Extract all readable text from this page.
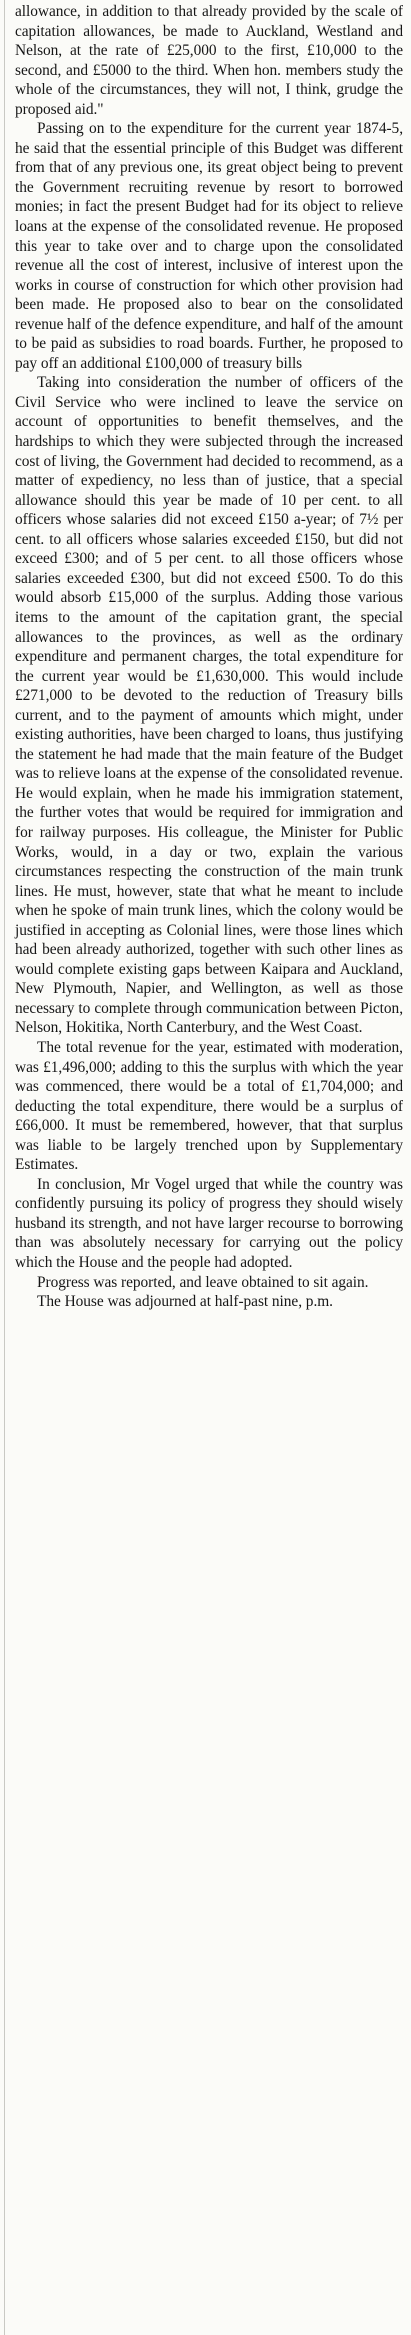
allowance, in addition to that already provided by the scale of capitation allowances, be made to Auckland, Westland and Nelson, at the rate of £25,000 to the first, £10,000 to the second, and £5000 to the third. When hon. members study the whole of the circumstances, they will not, I think, grudge the proposed aid."

Passing on to the expenditure for the current year 1874-5, he said that the essential principle of this Budget was different from that of any previous one, its great object being to prevent the Government recruiting revenue by resort to borrowed monies; in fact the present Budget had for its object to relieve loans at the expense of the consolidated revenue. He proposed this year to take over and to charge upon the consolidated revenue all the cost of interest, inclusive of interest upon the works in course of construction for which other provision had been made. He proposed also to bear on the consolidated revenue half of the defence expenditure, and half of the amount to be paid as subsidies to road boards. Further, he proposed to pay off an additional £100,000 of treasury bills

Taking into consideration the number of officers of the Civil Service who were inclined to leave the service on account of opportunities to benefit themselves, and the hardships to which they were subjected through the increased cost of living, the Government had decided to recommend, as a matter of expediency, no less than of justice, that a special allowance should this year be made of 10 per cent. to all officers whose salaries did not exceed £150 a-year; of 7½ per cent. to all officers whose salaries exceeded £150, but did not exceed £300; and of 5 per cent. to all those officers whose salaries exceeded £300, but did not exceed £500. To do this would absorb £15,000 of the surplus. Adding those various items to the amount of the capitation grant, the special allowances to the provinces, as well as the ordinary expenditure and permanent charges, the total expenditure for the current year would be £1,630,000. This would include £271,000 to be devoted to the reduction of Treasury bills current, and to the payment of amounts which might, under existing authorities, have been charged to loans, thus justifying the statement he had made that the main feature of the Budget was to relieve loans at the expense of the consolidated revenue. He would explain, when he made his immigration statement, the further votes that would be required for immigration and for railway purposes. His colleague, the Minister for Public Works, would, in a day or two, explain the various circumstances respecting the construction of the main trunk lines. He must, however, state that what he meant to include when he spoke of main trunk lines, which the colony would be justified in accepting as Colonial lines, were those lines which had been already authorized, together with such other lines as would complete existing gaps between Kaipara and Auckland, New Plymouth, Napier, and Wellington, as well as those necessary to complete through communication between Picton, Nelson, Hokitika, North Canterbury, and the West Coast.

The total revenue for the year, estimated with moderation, was £1,496,000; adding to this the surplus with which the year was commenced, there would be a total of £1,704,000; and deducting the total expenditure, there would be a surplus of £66,000. It must be remembered, however, that that surplus was liable to be largely trenched upon by Supplementary Estimates.

In conclusion, Mr Vogel urged that while the country was confidently pursuing its policy of progress they should wisely husband its strength, and not have larger recourse to borrowing than was absolutely necessary for carrying out the policy which the House and the people had adopted.

Progress was reported, and leave obtained to sit again.

The House was adjourned at half-past nine, p.m.
